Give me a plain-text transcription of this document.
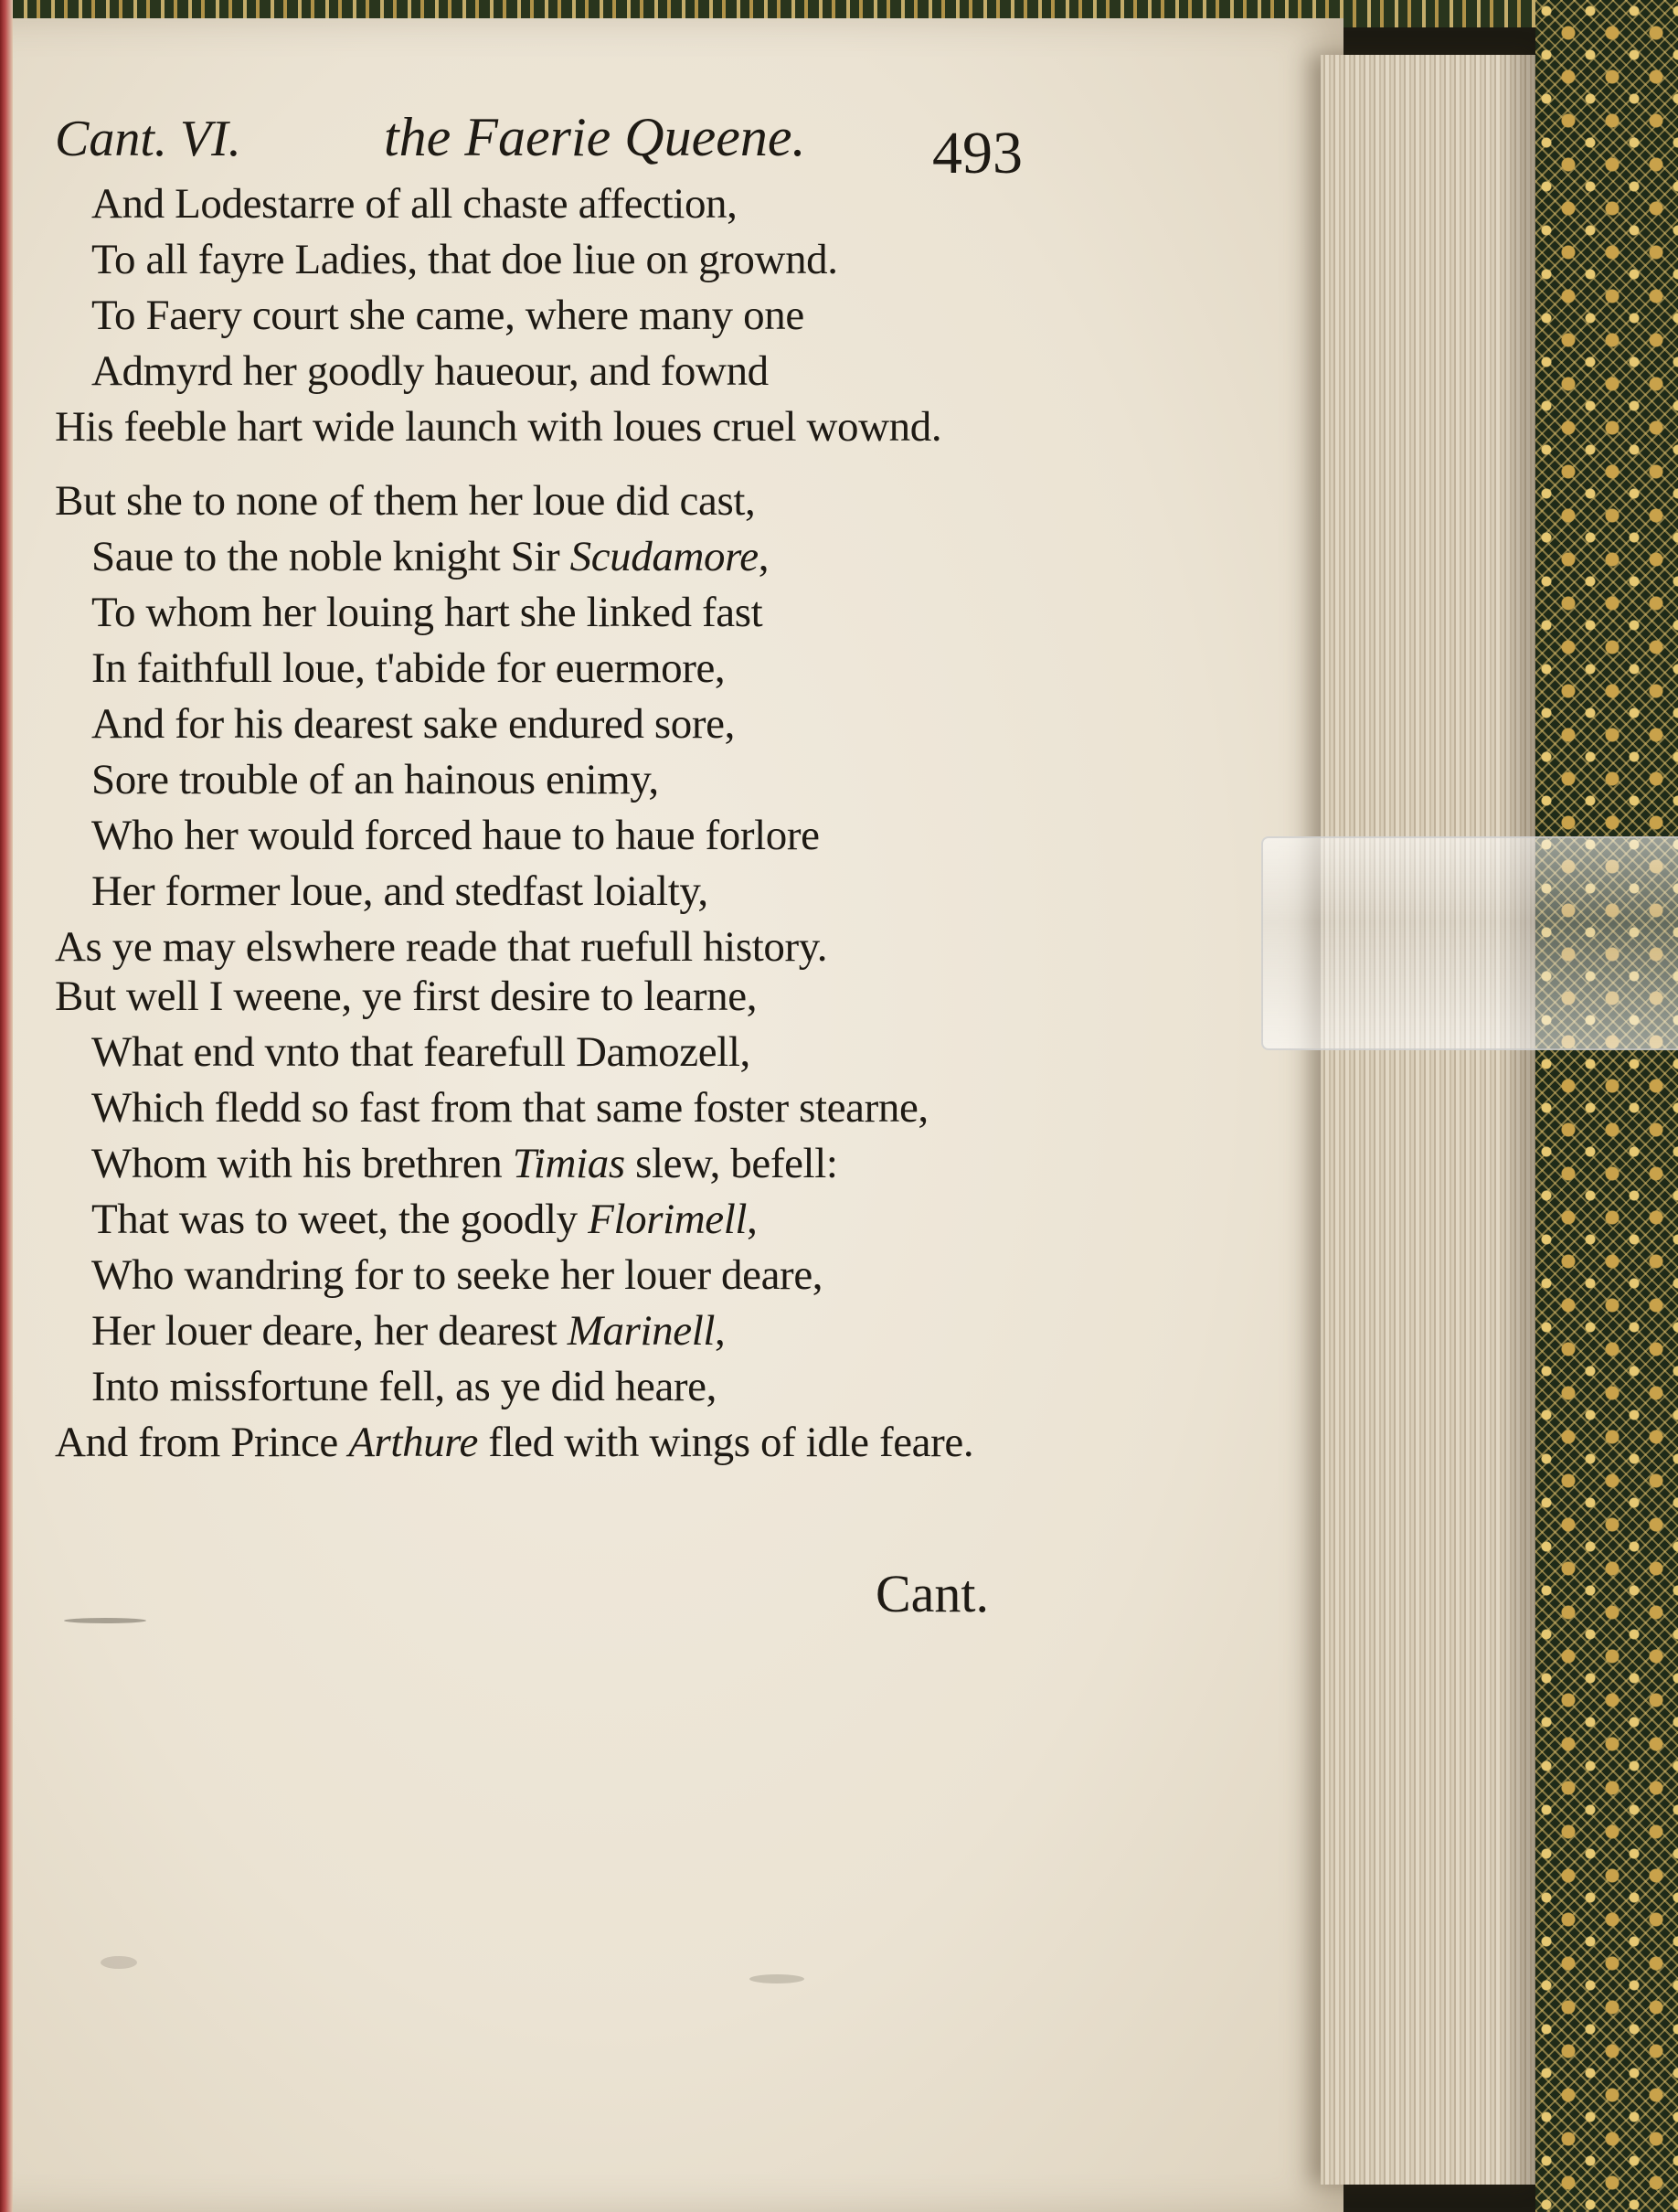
Cant. VI.	the Faerie Queene. 493
And Lodestarre of all chaste affection,
To all fayre Ladies, that doe liue on grownd.
To Faery court she came, where many one
Admyrd her goodly haueour, and fownd
His feeble hart wide launch with loues cruel wownd.
But she to none of them her loue did cast,
Saue to the noble knight Sir Scudamore,
To whom her louing hart she linked fast
In faithfull loue, t'abide for euermore,
And for his dearest sake endured sore,
Sore trouble of an hainous enimy,
Who her would forced haue to haue forlore
Her former loue, and stedfast loialty,
As ye may elswhere reade that ruefull history.
But well I weene, ye first desire to learne,
What end vnto that fearefull Damozell,
Which fledd so fast from that same foster stearne,
Whom with his brethren Timias slew, befell:
That was to weet, the goodly Florimell,
Who wandring for to seeke her louer deare,
Her louer deare, her dearest Marinell,
Into missfortune fell, as ye did heare,
And from Prince Arthure fled with wings of idle feare.
Cant.
